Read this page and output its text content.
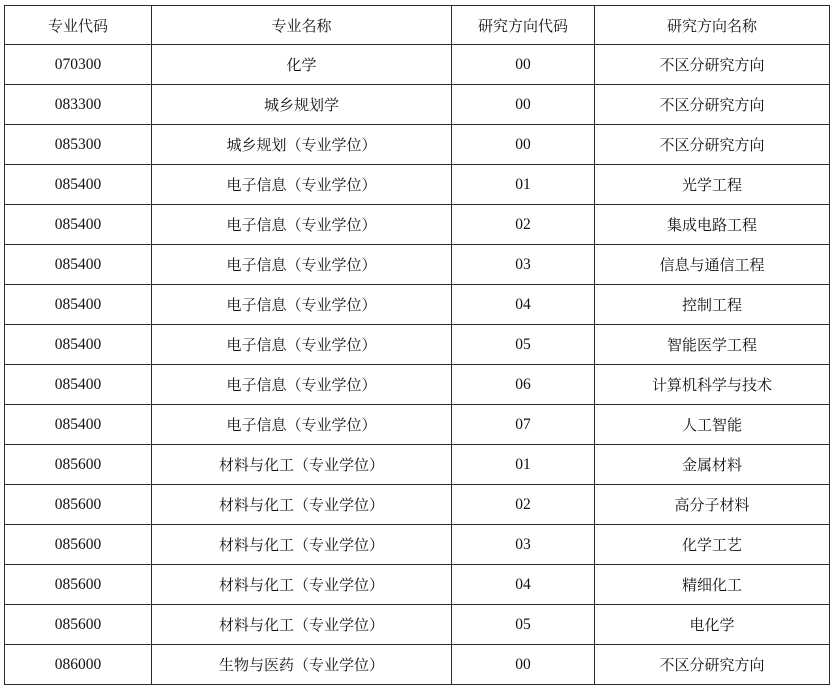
专业代码	专业名称	研究方向代码	研究方向名称
070300	化学	00	不区分研究方向
083300	城乡规划学	00	不区分研究方向
085300	城乡规划（专业学位）	00	不区分研究方向
085400	电子信息（专业学位）	01	光学工程
085400	电子信息（专业学位）	02	集成电路工程
085400	电子信息（专业学位）	03	信息与通信工程
085400	电子信息（专业学位）	04	控制工程
085400	电子信息（专业学位）	05	智能医学工程
085400	电子信息（专业学位）	06	计算机科学与技术
085400	电子信息（专业学位）	07	人工智能
085600	材料与化工（专业学位）	01	金属材料
085600	材料与化工（专业学位）	02	高分子材料
085600	材料与化工（专业学位）	03	化学工艺
085600	材料与化工（专业学位）	04	精细化工
085600	材料与化工（专业学位）	05	电化学
086000	生物与医药（专业学位）	00	不区分研究方向
